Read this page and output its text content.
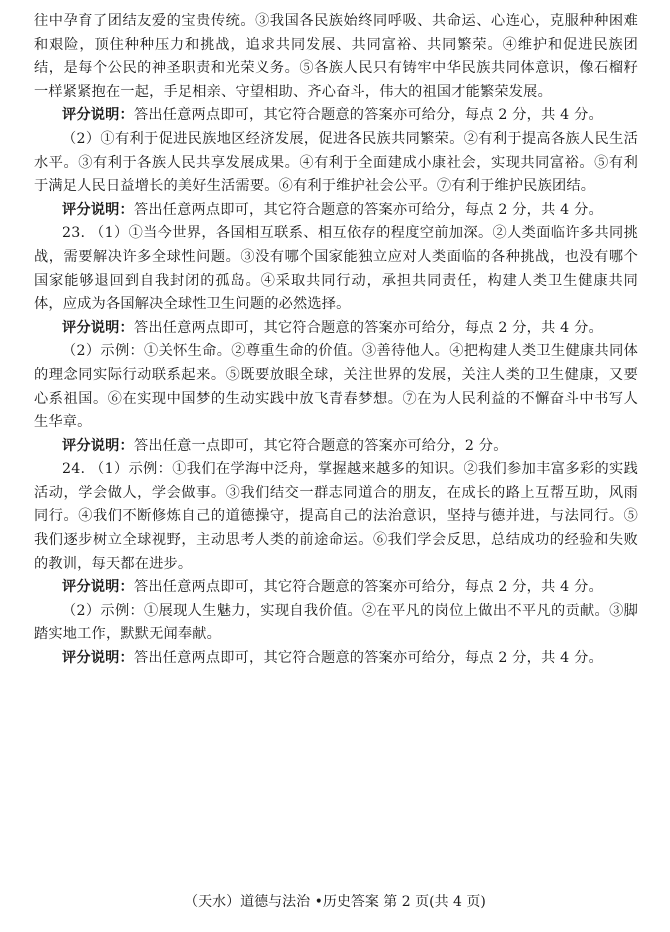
往中孕育了团结友爱的宝贵传统。③我国各民族始终同呼吸、共命运、心连心，克服种种困难和艰险，顶住种种压力和挑战，追求共同发展、共同富裕、共同繁荣。④维护和促进民族团结，是每个公民的神圣职责和光荣义务。⑤各族人民只有铸牢中华民族共同体意识，像石榴籽一样紧紧抱在一起，手足相亲、守望相助、齐心奋斗，伟大的祖国才能繁荣发展。

评分说明：答出任意两点即可，其它符合题意的答案亦可给分，每点 2 分，共 4 分。

（2）①有利于促进民族地区经济发展，促进各民族共同繁荣。②有利于提高各族人民生活水平。③有利于各族人民共享发展成果。④有利于全面建成小康社会，实现共同富裕。⑤有利于满足人民日益增长的美好生活需要。⑥有利于维护社会公平。⑦有利于维护民族团结。

评分说明：答出任意两点即可，其它符合题意的答案亦可给分，每点 2 分，共 4 分。

23. （1）①当今世界，各国相互联系、相互依存的程度空前加深。②人类面临许多共同挑战，需要解决许多全球性问题。③没有哪个国家能独立应对人类面临的各种挑战，也没有哪个国家能够退回到自我封闭的孤岛。④采取共同行动，承担共同责任，构建人类卫生健康共同体，应成为各国解决全球性卫生问题的必然选择。

评分说明：答出任意两点即可，其它符合题意的答案亦可给分，每点 2 分，共 4 分。

（2）示例：①关怀生命。②尊重生命的价值。③善待他人。④把构建人类卫生健康共同体的理念同实际行动联系起来。⑤既要放眼全球，关注世界的发展，关注人类的卫生健康，又要心系祖国。⑥在实现中国梦的生动实践中放飞青春梦想。⑦在为人民利益的不懈奋斗中书写人生华章。

评分说明：答出任意一点即可，其它符合题意的答案亦可给分，2 分。

24. （1）示例：①我们在学海中泛舟，掌握越来越多的知识。②我们参加丰富多彩的实践活动，学会做人，学会做事。③我们结交一群志同道合的朋友，在成长的路上互帮互助，风雨同行。④我们不断修炼自己的道德操守，提高自己的法治意识，坚持与德并进，与法同行。⑤我们逐步树立全球视野，主动思考人类的前途命运。⑥我们学会反思，总结成功的经验和失败的教训，每天都在进步。

评分说明：答出任意两点即可，其它符合题意的答案亦可给分，每点 2 分，共 4 分。

（2）示例：①展现人生魅力，实现自我价值。②在平凡的岗位上做出不平凡的贡献。③脚踏实地工作，默默无闻奉献。

评分说明：答出任意两点即可，其它符合题意的答案亦可给分，每点 2 分，共 4 分。

（天水）道德与法治 •历史答案 第 2 页(共 4 页)
